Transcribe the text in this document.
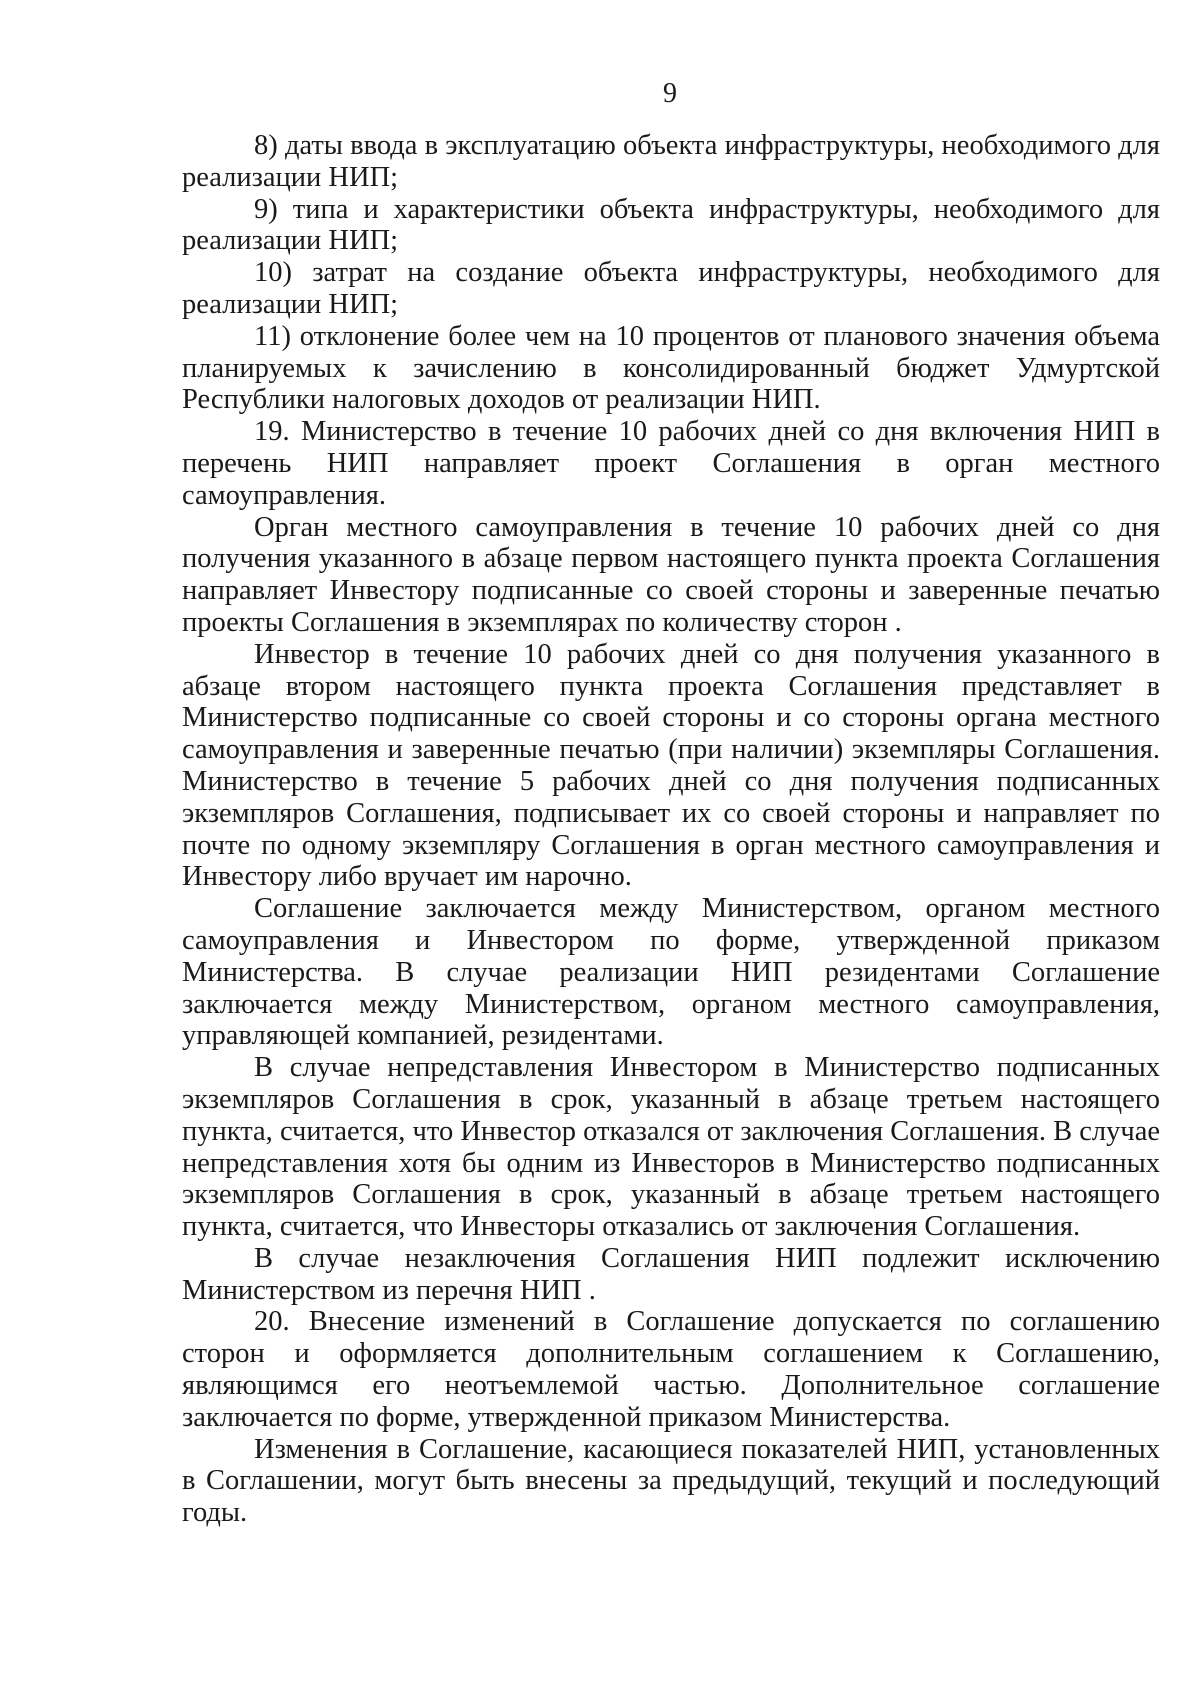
9

8) даты ввода в эксплуатацию объекта инфраструктуры, необходимого для реализации НИП;

9) типа и характеристики объекта инфраструктуры, необходимого для реализации НИП;

10) затрат на создание объекта инфраструктуры, необходимого для реализации НИП;

11) отклонение более чем на 10 процентов от планового значения объема планируемых к зачислению в консолидированный бюджет Удмуртской Республики налоговых доходов от реализации НИП.

19. Министерство в течение 10 рабочих дней со дня включения НИП в перечень НИП направляет проект Соглашения в орган местного самоуправления.

Орган местного самоуправления в течение 10 рабочих дней со дня получения указанного в абзаце первом настоящего пункта проекта Соглашения направляет Инвестору подписанные со своей стороны и заверенные печатью проекты Соглашения в экземплярах по количеству сторон .

Инвестор в течение 10 рабочих дней со дня получения указанного в абзаце втором настоящего пункта проекта Соглашения представляет в Министерство подписанные со своей стороны и со стороны органа местного самоуправления и заверенные печатью (при наличии) экземпляры Соглашения. Министерство в течение 5 рабочих дней со дня получения подписанных экземпляров Соглашения, подписывает их со своей стороны и направляет по почте по одному экземпляру Соглашения в орган местного самоуправления и Инвестору либо вручает им нарочно.

Соглашение заключается между Министерством, органом местного самоуправления и Инвестором по форме, утвержденной приказом Министерства. В случае реализации НИП резидентами Соглашение заключается между Министерством, органом местного самоуправления, управляющей компанией, резидентами.

В случае непредставления Инвестором в Министерство подписанных экземпляров Соглашения в срок, указанный в абзаце третьем настоящего пункта, считается, что Инвестор отказался от заключения Соглашения. В случае непредставления хотя бы одним из Инвесторов в Министерство подписанных экземпляров Соглашения в срок, указанный в абзаце третьем настоящего пункта, считается, что Инвесторы отказались от заключения Соглашения.

В случае незаключения Соглашения НИП подлежит исключению Министерством из перечня НИП .

20. Внесение изменений в Соглашение допускается по соглашению сторон и оформляется дополнительным соглашением к Соглашению, являющимся его неотъемлемой частью. Дополнительное соглашение заключается по форме, утвержденной приказом Министерства.

Изменения в Соглашение, касающиеся показателей НИП, установленных в Соглашении, могут быть внесены за предыдущий, текущий и последующий годы.
